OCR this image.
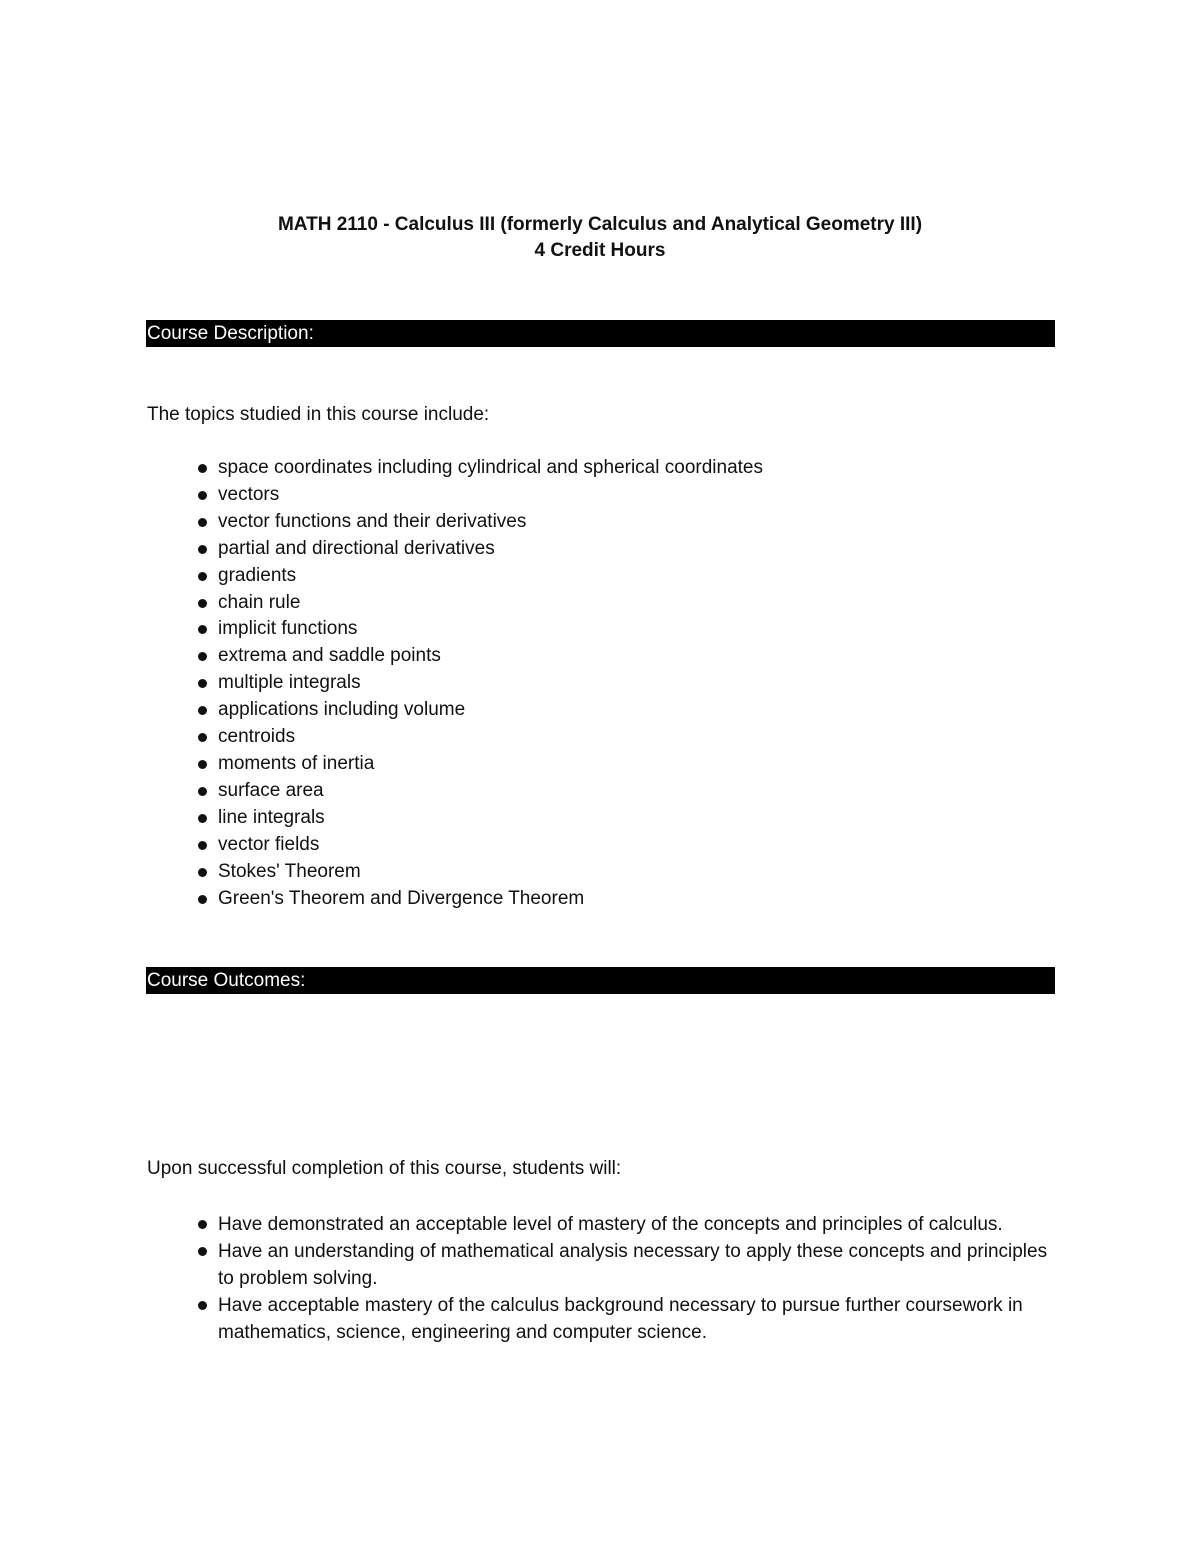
MATH 2110 - Calculus III (formerly Calculus and Analytical Geometry III)
4 Credit Hours
Course Description:
The topics studied in this course include:
space coordinates including cylindrical and spherical coordinates
vectors
vector functions and their derivatives
partial and directional derivatives
gradients
chain rule
implicit functions
extrema and saddle points
multiple integrals
applications including volume
centroids
moments of inertia
surface area
line integrals
vector fields
Stokes' Theorem
Green's Theorem and Divergence Theorem
Course Outcomes:
Upon successful completion of this course, students will:
Have demonstrated an acceptable level of mastery of the concepts and principles of calculus.
Have an understanding of mathematical analysis necessary to apply these concepts and principles to problem solving.
Have acceptable mastery of the calculus background necessary to pursue further coursework in mathematics, science, engineering and computer science.
